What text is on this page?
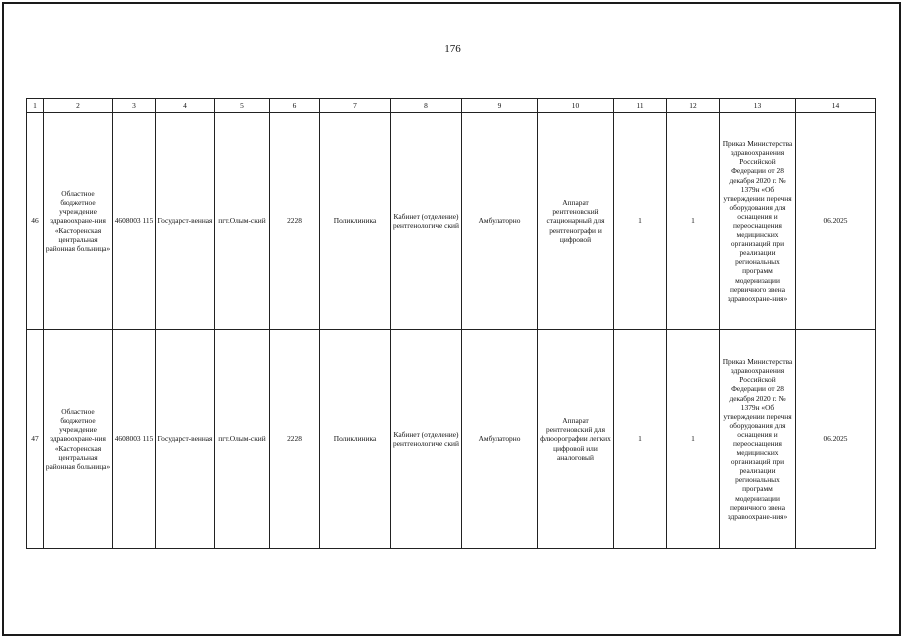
176
1	2	3	4	5	6	7	8	9	10	11	12	13	14
46	Областное бюджетное учреждение здравоохране-ния «Касторенская центральная районная больница»	4608003 115	Государст-венная	пгт.Олым-ский	2228	Поликлиника	Кабинет (отделение) рентгенологиче ский	Амбулаторно	Аппарат рентгеновский стационарный для рентгенографи и цифровой	1	1	Приказ Министерства здравоохранения Российской Федерации от 28 декабря 2020 г. № 1379н «Об утверждении перечня оборудования для оснащения и переоснащения медицинских организаций при реализации региональных программ модернизации первичного звена здравоохране-ния»	06.2025
47	Областное бюджетное учреждение здравоохране-ния «Касторенская центральная районная больница»	4608003 115	Государст-венная	пгт.Олым-ский	2228	Поликлиника	Кабинет (отделение) рентгенологиче ский	Амбулаторно	Аппарат рентгеновский для флюорографии легких цифровой или аналоговый	1	1	Приказ Министерства здравоохранения Российской Федерации от 28 декабря 2020 г. № 1379н «Об утверждении перечня оборудования для оснащения и переоснащения медицинских организаций при реализации региональных программ модернизации первичного звена здравоохране-ния»	06.2025
